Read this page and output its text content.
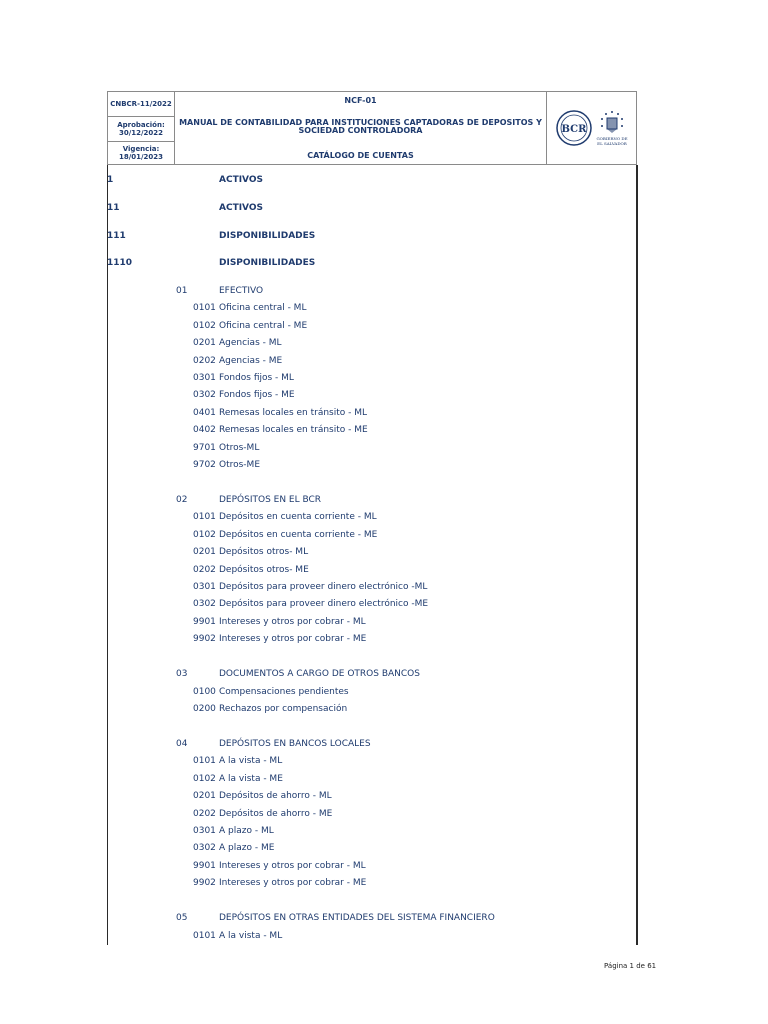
CNBCR-11/2022
Aprobación:
30/12/2022
Vigencia:
18/01/2023
NCF-01
MANUAL DE CONTABILIDAD PARA INSTITUCIONES CAPTADORAS DE DEPOSITOS Y
SOCIEDAD CONTROLADORA
CATÁLOGO DE CUENTAS
BCR
GOBIERNO DE
EL SALVADOR
1	ACTIVOS
11	ACTIVOS
111	DISPONIBILIDADES
1110	DISPONIBILIDADES
01	EFECTIVO
0101 Oficina central - ML
0102 Oficina central - ME
0201 Agencias - ML
0202 Agencias - ME
0301 Fondos fijos - ML
0302 Fondos fijos - ME
0401 Remesas locales en tránsito - ML
0402 Remesas locales en tránsito - ME
9701 Otros-ML
9702 Otros-ME
02	DEPÓSITOS EN EL BCR
0101 Depósitos en cuenta corriente - ML
0102 Depósitos en cuenta corriente - ME
0201 Depósitos otros- ML
0202 Depósitos otros- ME
0301 Depósitos para proveer dinero electrónico -ML
0302 Depósitos para proveer dinero electrónico -ME
9901 Intereses y otros por cobrar - ML
9902 Intereses y otros por cobrar - ME
03	DOCUMENTOS A CARGO DE OTROS BANCOS
0100 Compensaciones pendientes
0200 Rechazos por compensación
04	DEPÓSITOS EN BANCOS LOCALES
0101 A la vista - ML
0102 A la vista - ME
0201 Depósitos de ahorro - ML
0202 Depósitos de ahorro - ME
0301 A plazo - ML
0302 A plazo - ME
9901 Intereses y otros por cobrar - ML
9902 Intereses y otros por cobrar - ME
05	DEPÓSITOS EN OTRAS ENTIDADES DEL SISTEMA FINANCIERO
0101 A la vista - ML
Página 1 de 61
